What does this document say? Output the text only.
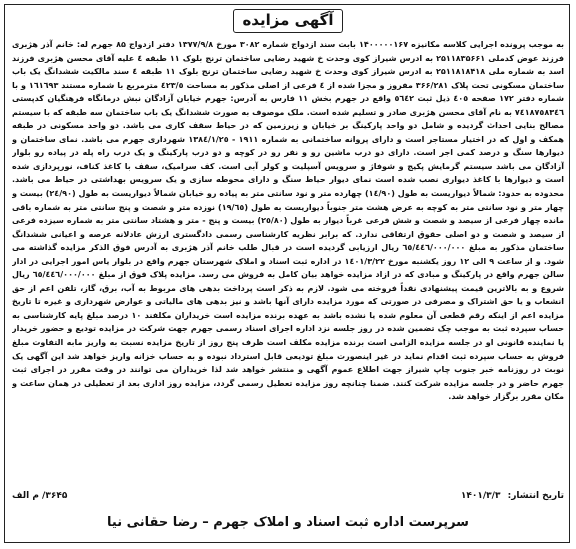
آگهی مزایده
به موجب پرونده اجرایی کلاسه مکانیزه ۱۴۰۰۰۰۰۱۶۷ بابت سند ازدواج شماره ۳۰۸۲ مورخ ۱۳۷۷/۹/۸ دفتر ازدواج ۸۵ جهرم له: خانم آذر هژبری فرزند عوض کدملی ۲۵۱۱۸۳۵۶۶۱ به ادرس شیراز کوی وحدت خ شهید رضایی ساختمان ترنج بلوک ۱۱ طبقه ٤ علیه آقای محسن هژبری فرزند اسد به شماره ملی ۲۵۱۱۸۱۸۴۱۸ به ادرس شیراز کوی وحدت خ شهید رضایی ساختمان ترنج بلوک ۱۱ طبقه ٤ سند مالکیت ششدانگ یک باب ساختمان مسکونی تحت پلاک ۳۶۶/۲۸۱ مفروز و مجزا شده از ٤ فرعی از اصلی مذکور به مساحت ٤٢٣/٥ مترمربع با شماره مستند ۱٦١٦٩٣ و با شماره دفتر ۱۷۲ صفحه ٤٠٥ ذیل ثبت ٥٦٤٢ واقع در جهرم بخش ۱۱ فارس به آدرس: جهرم خیابان آزادگان نبش درمانگاه فرهنگیان کدپستی ٧٤١٨٧٥٨٣٤٦ به نام آقای محسن هژبری صادر و تسلیم شده است. ملک موصوف به صورت ششدانگ یک باب ساختمان سه طبقه که با سیستم مصالح بنایی احداث گردیده و شامل دو واحد پارکینگ بر خیابان و زیرزمین که در حیاط سقف کاری می باشد. دو واحد مسکونی در طبقه همکف و اول که در اختیار مستاجر است و دارای پروانه ساختمانی به شماره ١٩١١ - ١٣٨٤/١/٢٥ شهرداری جهرم می باشد. نمای ساختمان و دیوارها سنگ و درصد کمی اجر است. دارای دو درب ماشین رو و نفر رو در کوچه و دو درب پارکینگ و یک درب راه پله در پیاده رو بلوار آزادگان می باشد سیستم گرمایش پکیج و شوفاژ و سرویس آسپلیت و کولر آبی است. کف سرامیک، سقف با کاغذ کناف، نورپردازی شده است و دیوارها با کاغذ دیواری نصب شده است نمای دیوار حیاط سنگ و دارای محوطه سازی و یک سرویس بهداشتی در حیاط می باشد. محدوده به حدود: شمالاً دیواریست به طول (١٤/٩٠) چهارده متر و نود سانتی متر به پیاده رو خیابان شمالاً دیواریست به طول (٢٤/٩٠) بیست و چهار متر و نود سانتی متر به کوچه به عرض هشت متر جنوباً دیواریست به طول (١٩/٦٥) نوزده متر و شصت و پنج سانتی متر به شماره باقی مانده چهار فرعی از سیصد و شصت و شش فرعی غرباً دیوار به طول (٢٥/٨٠) بیست و پنج - متر و هشتاد سانتی متر به شماره سیزده فرعی از سیصد و شصت و دو اصلی حقوق ارتفاقی ندارد. که برابر نظریه کارشناسی رسمی دادگستری ارزش عادلانه عرصه و اعیانی ششدانگ ساختمان مذکور به مبلغ ٦٥/٤٤٦/٠٠٠/٠٠٠ ریال ارزیابی گردیده است در قبال طلب خانم آذر هژبری به آدرس فوق الذکر مزایده گذاشته می شود. و از ساعت ٩ الی ١٢ روز یکشنبه مورخ ١٤٠١/٣/٢٢ در اداره ثبت اسناد و املاک شهرستان جهرم واقع در بلوار یاس امور اجرایی در ادار سالن جهرم واقع در پارکینگ و مبادی که در ازاد مزایده خواهد بیان کامل به فروش می رسد. مزایده پلاک فوق از مبلغ ٦٥/٤٤٦/٠٠٠/٠٠٠ ریال شروع و به بالاترین قیمت پیشنهادی نقداً فروخته می شود. لازم به ذکر است پرداخت بدهی های مربوط به آب، برق، گاز، تلفن اعم از حق انشعاب و یا حق اشتراک و مصرفی در صورتی که مورد مزایده دارای آنها باشد و نیز بدهی های مالیاتی و عوارض شهرداری و غیره تا تاریخ مزایده اعم از اینکه رقم قطعی آن معلوم شده یا نشده باشد به عهده برنده مزایده است خریداران مکلفند ١٠ درصد مبلغ پایه کارشناسی به حساب سپرده ثبت به موجب چک تضمین شده در روز جلسه نزد اداره اجرای اسناد رسمی جهرم جهت شرکت در مزایده تودیع و حضور خریدار یا نماینده قانونی او در جلسه مزایده الزامی است برنده مزایده مکلف است ظرف پنج روز از تاریخ مزایده نسبت به واریز مابه التفاوت مبلغ فروش به حساب سپرده ثبت اقدام نماید در غیر اینصورت مبلغ تودیعی قابل استرداد نبوده و به حساب خزانه واریز خواهد شد این آگهی یک نوبت در روزنامه خبر جنوب چاپ شیراز جهت اطلاع عموم آگهی و منتشر خواهد شد لذا خریداران می توانند در وقت مقرر در اجرای ثبت جهرم حاضر و در جلسه مزایده شرکت کنند. ضمنا چنانچه روز مزایده تعطیل رسمی گردد، مزایده روز اداری بعد از تعطیلی در همان ساعت و مکان مقرر برگزار خواهد شد.
تاریخ انتشار: ۱۴۰۱/۳/۳
۳۶۴۵/ م الف
سرپرست اداره ثبت اسناد و املاک جهرم – رضا حقانی نیا
